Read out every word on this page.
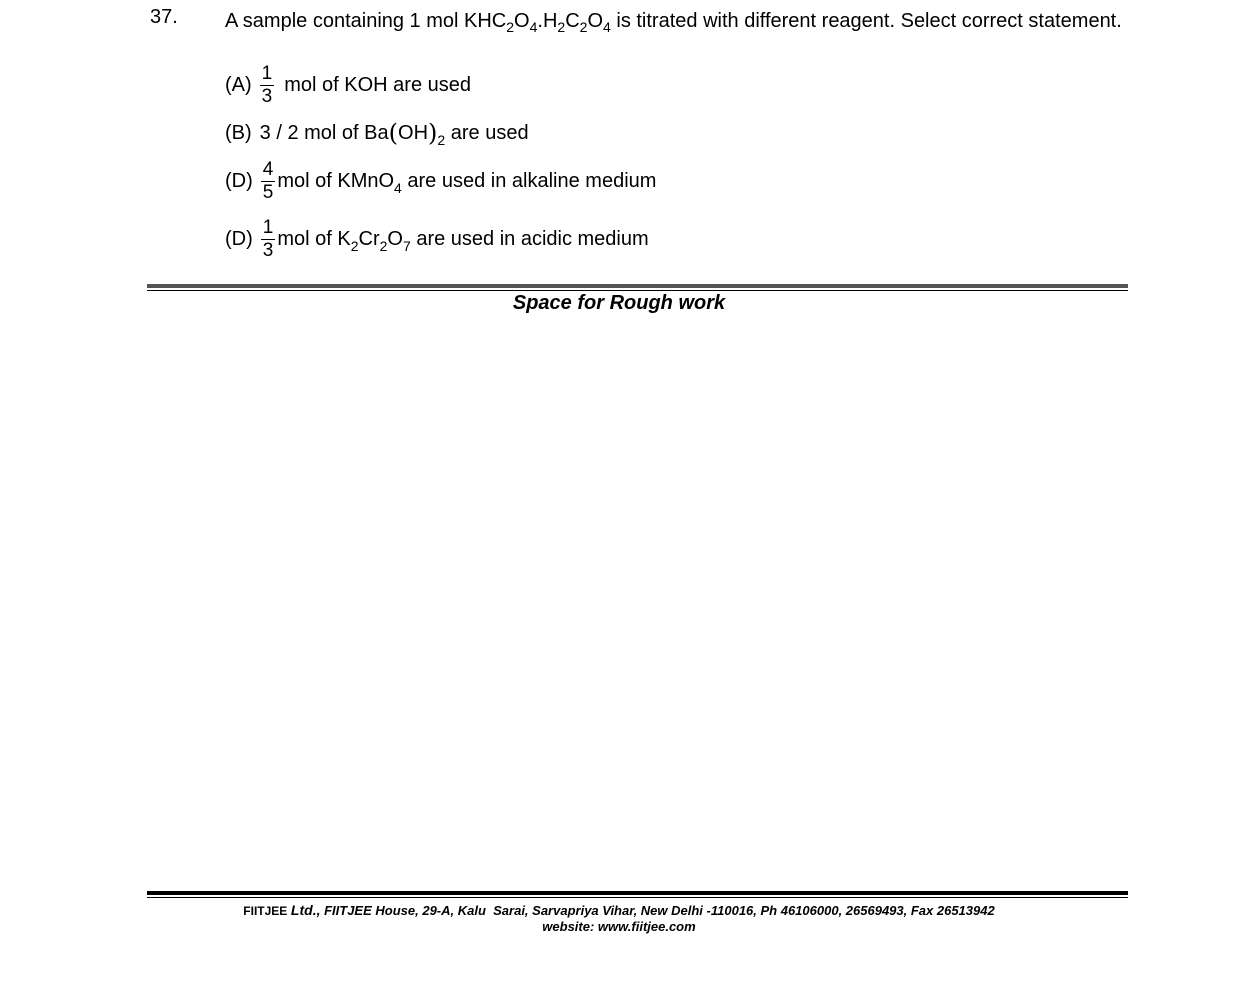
37. A sample containing 1 mol $KHC_2O_4.H_2C_2O_4$ is titrated with different reagent. Select correct statement.
$(A) \frac{1}{3}$ mol of KOH are used
(B) 3 / 2 mol of Ba ( OH ) 2 are used
$(D) \frac{4}{5}$ mol of KMnO 4 are used in alkaline medium
$(D) \frac{1}{3}$ mol of K 2 Cr 2 O 7 are used in acidic medium
Space for Rough work
FIITJEE Ltd., FIITJEE House, 29-A, Kalu  Sarai, Sarvapriya Vihar, New Delhi -110016, Ph 46106000, 26569493, Fax 26513942
website: www.fiitjee.com
